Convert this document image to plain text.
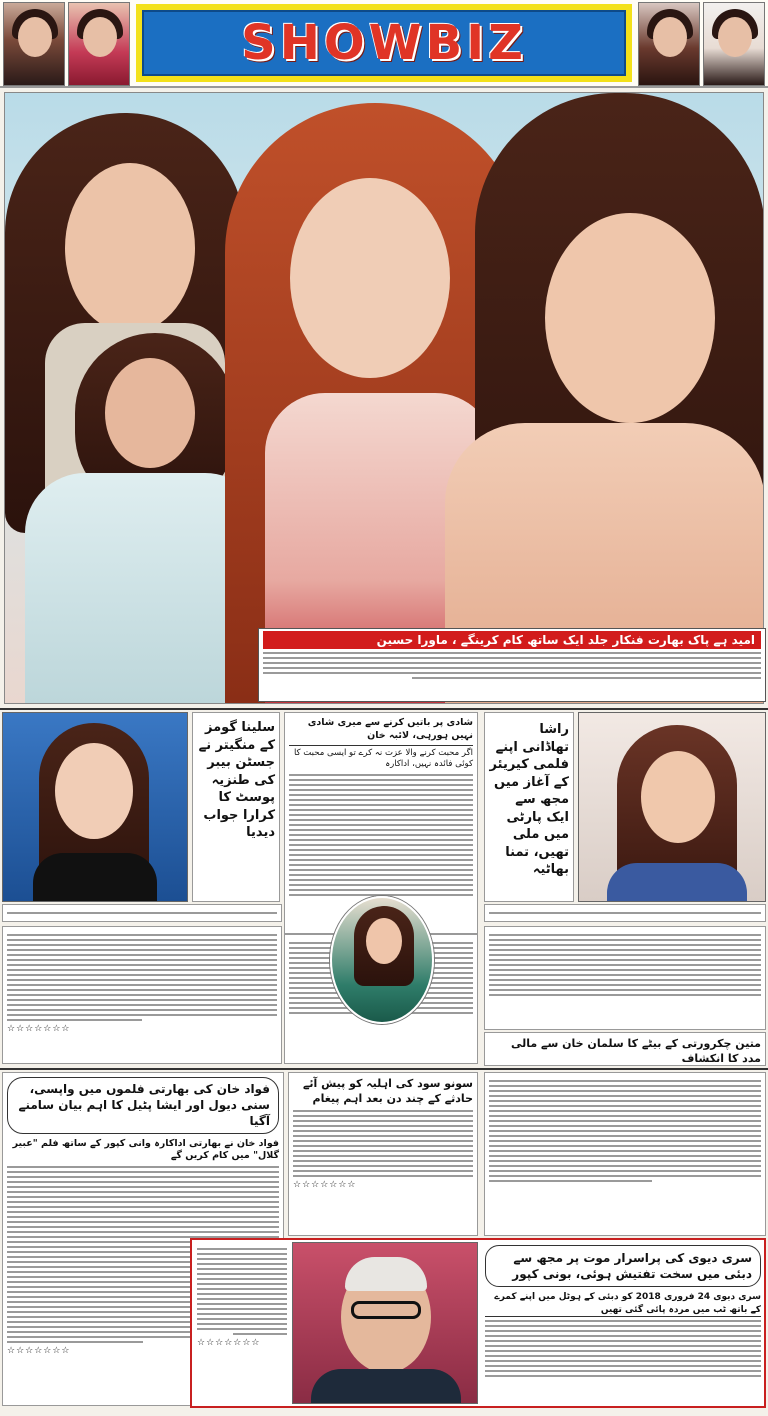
SHOWBIZ
امید ہے پاک بھارت فنکار جلد ایک ساتھ کام کرینگے ، ماورا حسین
سلینا گومز کے منگیتر نے جسٹن بیبر کی طنزیہ پوسٹ کا کرارا جواب دیدیا
شادی پر باتیں کرنے سے میری شادی نہیں ہورہی، لائبہ خان
اگر محبت کرنے والا عزت نہ کرے تو ایسی محبت کا کوئی فائدہ نہیں، اداکارہ
راشا تھاڈانی اپنے فلمی کیریئر کے آغاز میں مجھ سے ایک پارٹی میں ملی تھیں، تمنا بھاٹیہ
☆☆☆☆☆☆☆
متین چکرورتی کے بیٹے کا سلمان خان سے مالی مدد کا انکشاف
فواد خان کی بھارتی فلموں میں واپسی، سنی دیول اور ایشا پٹیل کا اہم بیان سامنے آگیا
فواد خان نے بھارتی اداکارہ وانی کپور کے ساتھ فلم "عبیر گلال" میں کام کریں گے
☆☆☆☆☆☆☆
سونو سود کی اہلیہ کو پیش آئے حادثے کے چند دن بعد اہم پیغام
☆☆☆☆☆☆☆
☆☆☆☆☆☆☆
سری دیوی کی پراسرار موت پر مجھ سے دبئی میں سخت تفتیش ہوئی، بونی کپور
سری دیوی 24 فروری 2018 کو دبئی کے ہوٹل میں اپنے کمرے کے باتھ ٹب میں مردہ پائی گئی تھیں
